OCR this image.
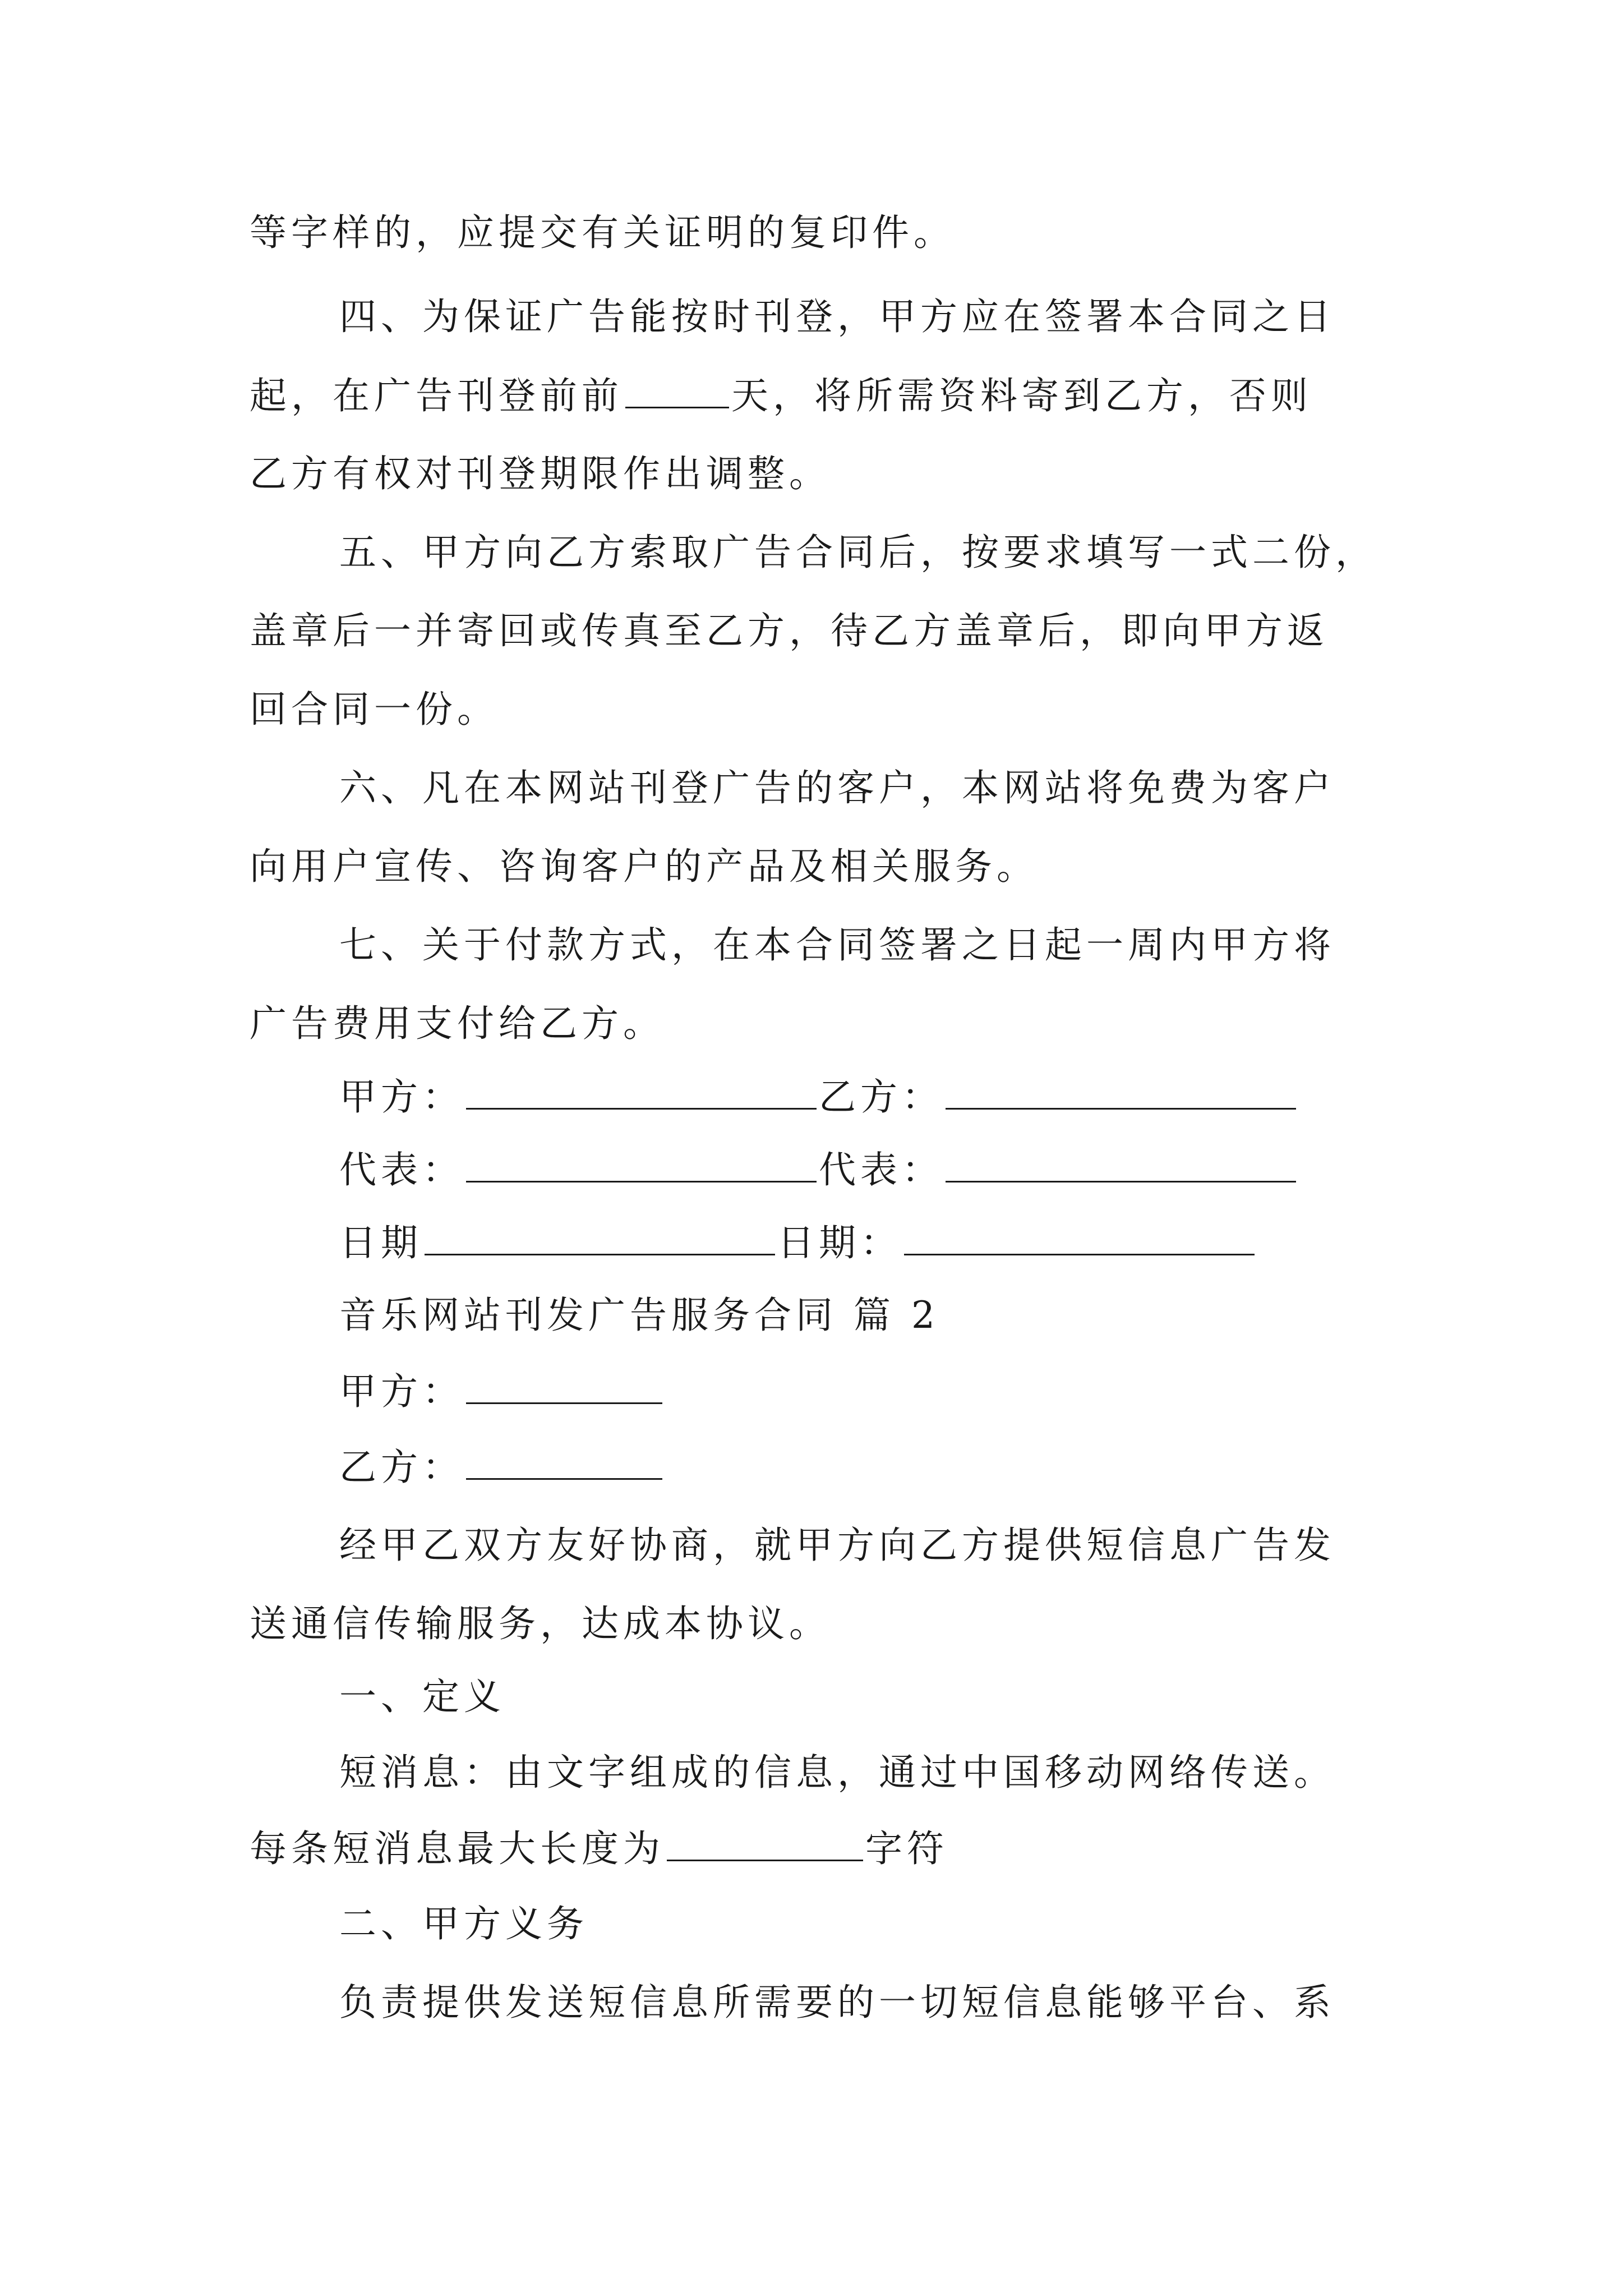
等字样的，应提交有关证明的复印件。
四、为保证广告能按时刊登，甲方应在签署本合同之日
起，在广告刊登前前	天，将所需资料寄到乙方，否则
乙方有权对刊登期限作出调整。
五、甲方向乙方索取广告合同后，按要求填写一式二份，
盖章后一并寄回或传真至乙方，待乙方盖章后，即向甲方返
回合同一份。
六、凡在本网站刊登广告的客户，本网站将免费为客户
向用户宣传、咨询客户的产品及相关服务。
七、关于付款方式，在本合同签署之日起一周内甲方将
广告费用支付给乙方。
甲方：	乙方：
代表：	代表：
日期	日期：
音乐网站刊发广告服务合同 篇 2
甲方：
乙方：
经甲乙双方友好协商，就甲方向乙方提供短信息广告发
送通信传输服务，达成本协议。
一、定义
短消息：由文字组成的信息，通过中国移动网络传送。
每条短消息最大长度为	字符
二、甲方义务
负责提供发送短信息所需要的一切短信息能够平台、系
